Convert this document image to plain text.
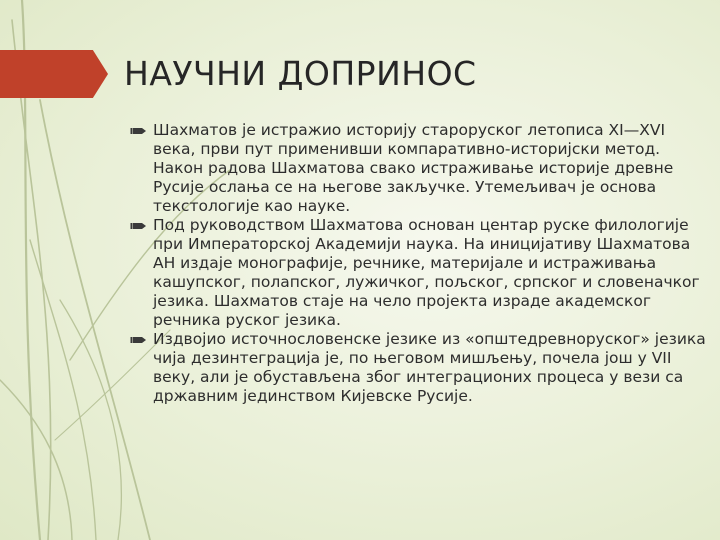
НАУЧНИ ДОПРИНОС
Шахматов је истражио историју староруског летописа XI—XVI века, први пут применивши компаративно-историјски метод. Након радова Шахматова свако истраживање историје древне Русије ослања се на његове закључке. Утемељивач је основа текстологије као науке.
Под руководством Шахматова основан центар руске филологије при Императорској Академији наука. На иницијативу Шахматова АН издаје монографије, речнике, материјале и истраживања кашупског, полапског, лужичког, пољског, српског и словеначког језика. Шахматов стаје на чело пројекта израде академског речника руског језика.
Издвојио источнословенске језике из «општедревноруског» језика чија дезинтеграција је, по његовом мишљењу, почела још у VII веку, али је обустављена због интеграционих процеса у вези са државним јединством Кијевске Русије.
